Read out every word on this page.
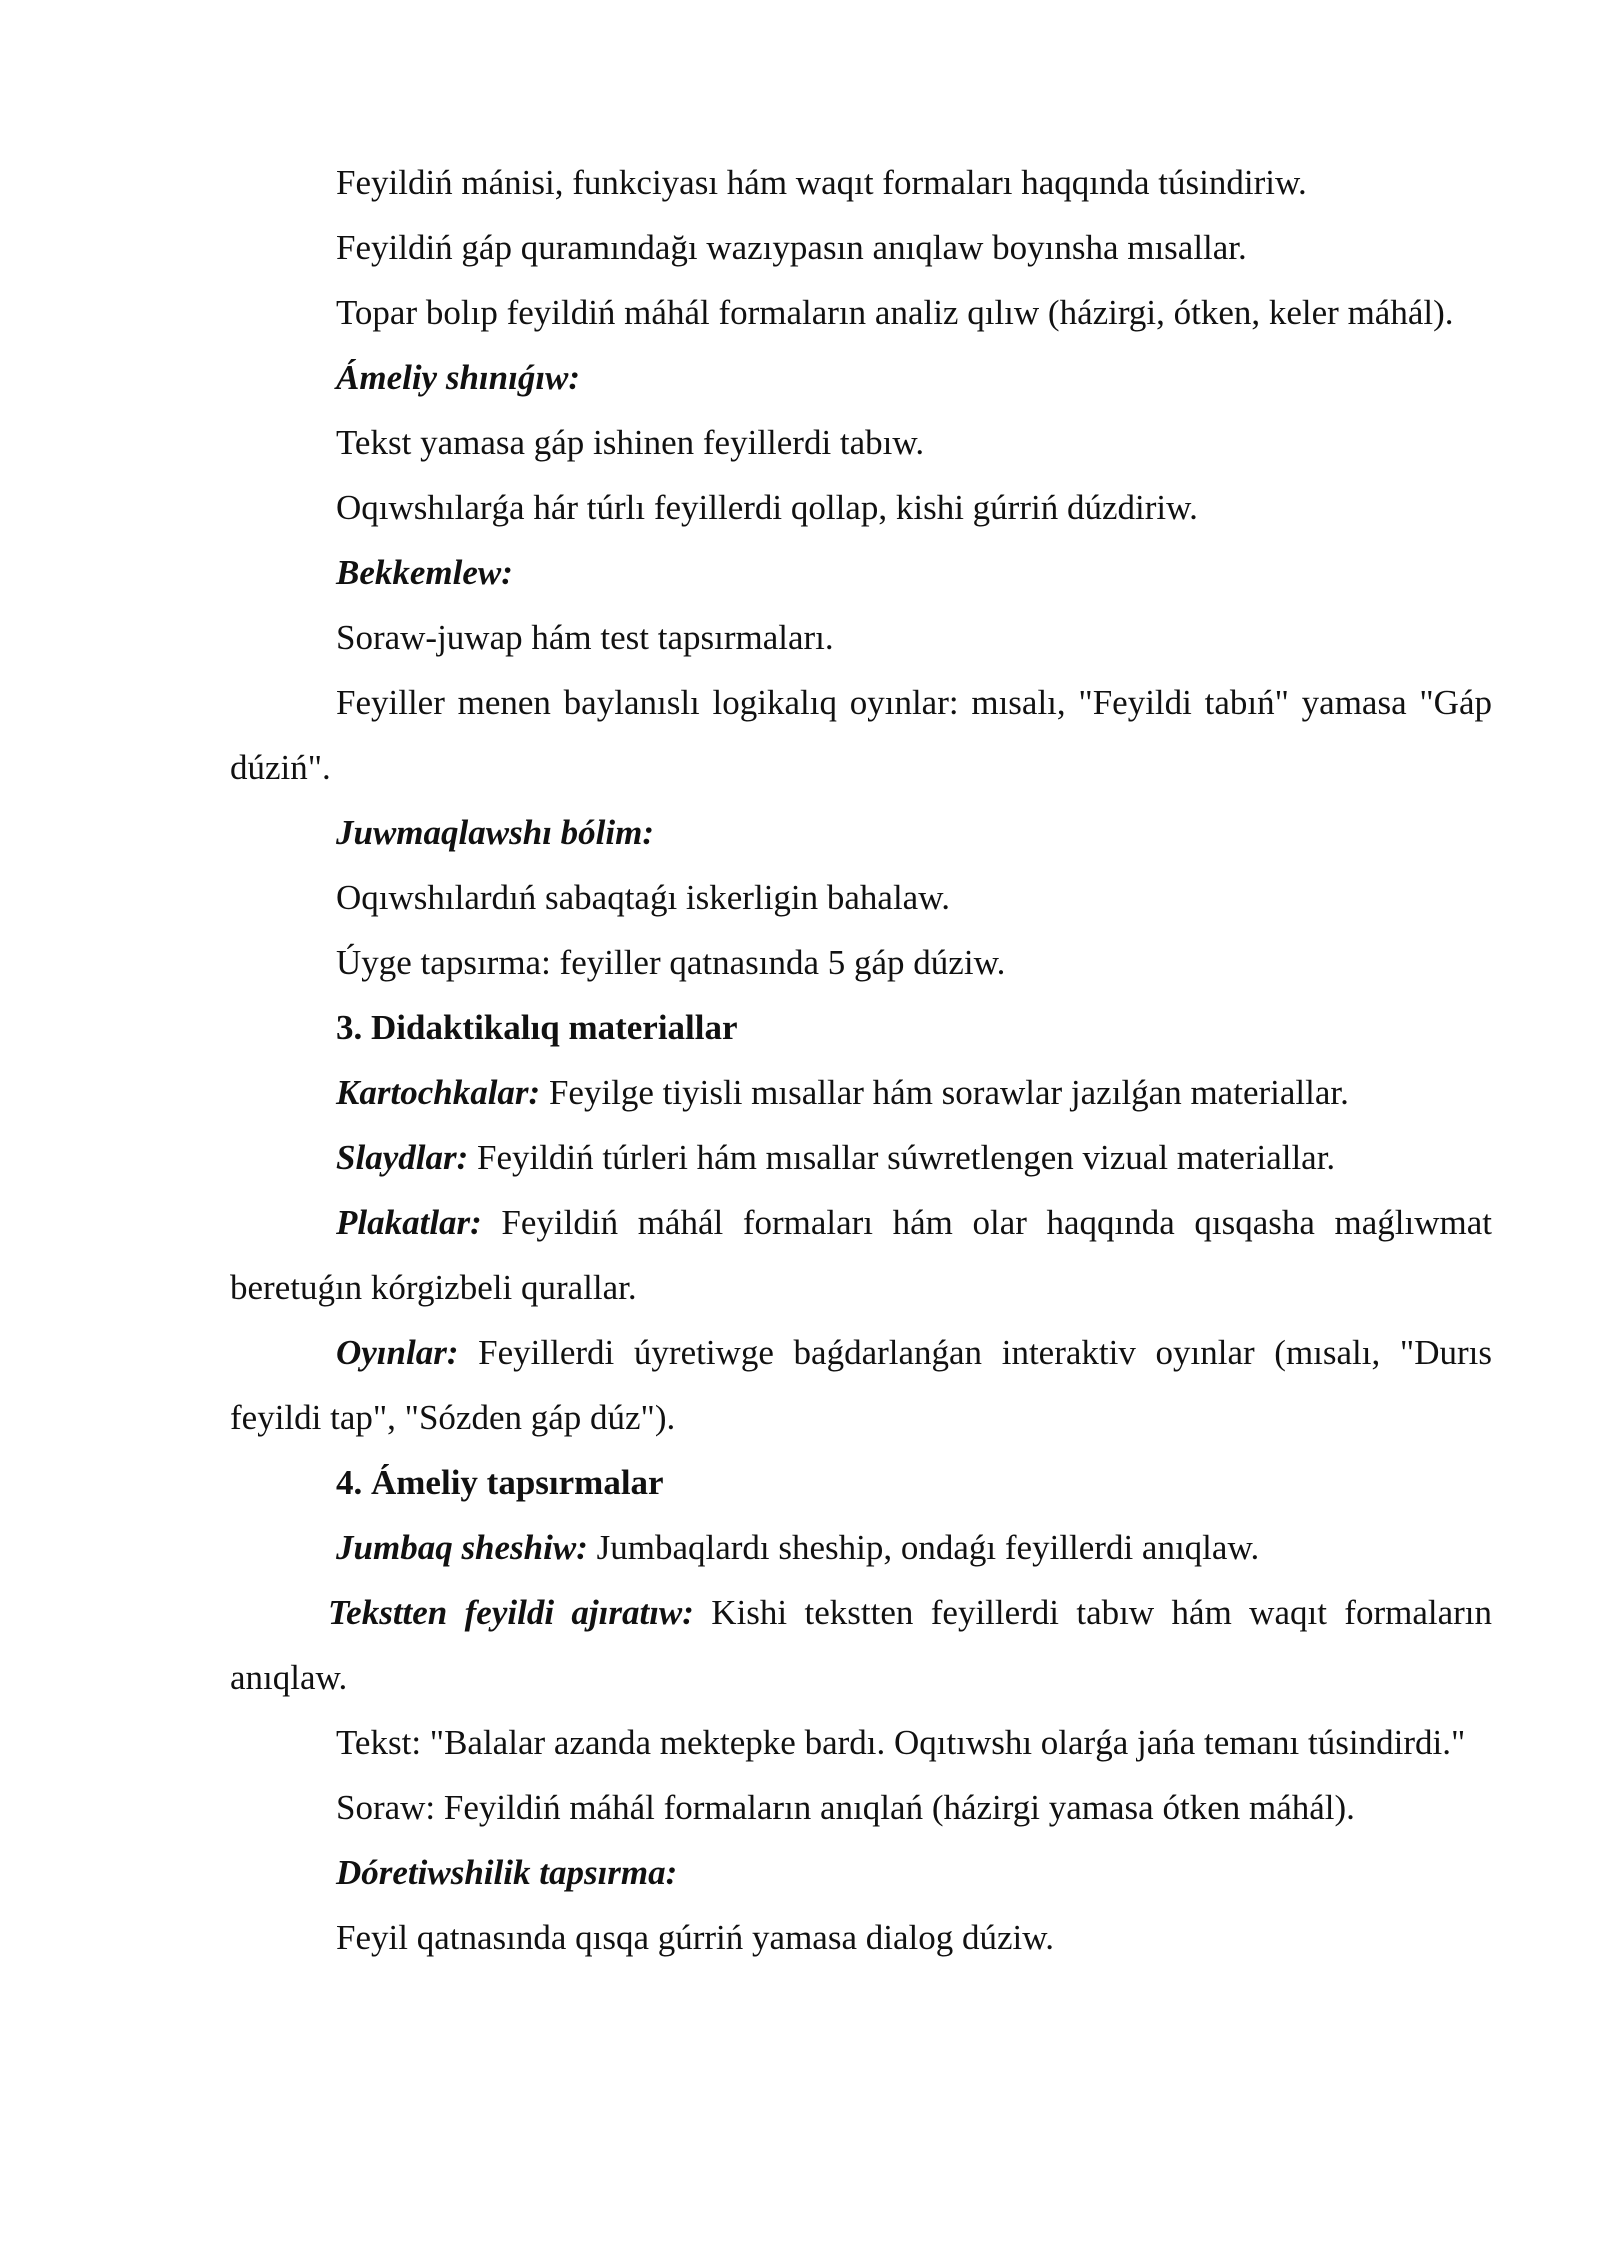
Feyildiń mánisi, funkciyası hám waqıt formaları haqqında túsindiriw.

Feyildiń gáp quramındağı wazıypasın anıqlaw boyınsha mısallar.

Topar bolıp feyildiń máhál formaların analiz qılıw (házirgi, ótken, keler máhál).

Ámeliy shınıǵıw:

Tekst yamasa gáp ishinen feyillerdi tabıw.

Oqıwshılarǵa hár túrlı feyillerdi qollap, kishi gúrriń dúzdiriw.

Bekkemlew:

Soraw-juwap hám test tapsırmaları.

Feyiller menen baylanıslı logikalıq oyınlar: mısalı, "Feyildi tabıń" yamasa "Gáp dúziń".

Juwmaqlawshı bólim:

Oqıwshılardıń sabaqtaǵı iskerligin bahalaw.

Úyge tapsırma: feyiller qatnasında 5 gáp dúziw.

3. Didaktikalıq materiallar

Kartochkalar: Feyilge tiyisli mısallar hám sorawlar jazılǵan materiallar.

Slaydlar: Feyildiń túrleri hám mısallar súwretlengen vizual materiallar.

Plakatlar: Feyildiń máhál formaları hám olar haqqında qısqasha maǵlıwmat beretuǵın kórgizbeli qurallar.

Oyınlar: Feyillerdi úyretiwge baǵdarlanǵan interaktiv oyınlar (mısalı, "Durıs feyildi tap", "Sózden gáp dúz").

4. Ámeliy tapsırmalar

Jumbaq sheshiw: Jumbaqlardı sheship, ondaǵı feyillerdi anıqlaw.

Tekstten feyildi ajıratıw: Kishi tekstten feyillerdi tabıw hám waqıt formaların anıqlaw.

Tekst: "Balalar azanda mektepke bardı. Oqıtıwshı olarǵa jańa temanı túsindirdi."

Soraw: Feyildiń máhál formaların anıqlań (házirgi yamasa ótken máhál).

Dóretiwshilik tapsırma:

Feyil qatnasında qısqa gúrriń yamasa dialog dúziw.
